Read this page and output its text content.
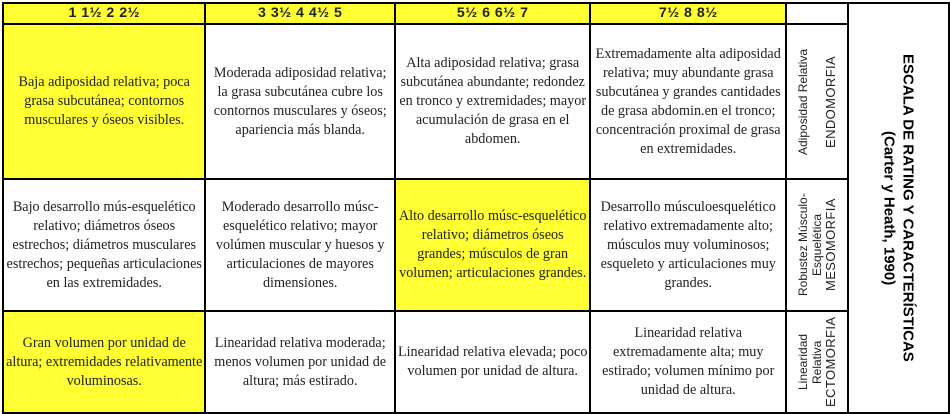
1 1½ 2 2½	3 3½ 4 4½ 5	5½ 6 6½ 7	7½ 8 8½		ESCALA DE RATING Y CARACTERÍSTICAS
(Carter y Heath, 1990)

Baja adiposidad relativa; poca grasa subcutánea; contornos musculares y óseos visibles.	Moderada adiposidad relativa; la grasa subcutánea cubre los contornos musculares y óseos; apariencia más blanda.	Alta adiposidad relativa; grasa subcutánea abundante; redondez en tronco y extremidades; mayor acumulación de grasa en el abdomen.	Extremadamente alta adiposidad relativa; muy abundante grasa subcutánea y grandes cantidades de grasa abdomin.en el tronco; concentración proximal de grasa en extremidades.	ENDOMORFIA
Adiposidad Relativa	

Bajo desarrollo mús-esquelético relativo; diámetros óseos estrechos; diámetros musculares estrechos; pequeñas articulaciones en las extremidades.	Moderado desarrollo músc-esquelético relativo; mayor volúmen muscular y huesos y articulaciones de mayores dimensiones.	Alto desarrollo músc-esquelético relativo; diámetros óseos grandes; músculos de gran volumen; articulaciones grandes.	Desarrollo músculoesquelético relativo extremadamente alto; músculos muy voluminosos; esqueleto y articulaciones muy grandes.	MESOMORFIA
Robustez Músculo-Esquelética	

Gran volumen por unidad de altura; extremidades relativamente voluminosas.	Linearidad relativa moderada; menos volumen por unidad de altura; más estirado.	Linearidad relativa elevada; poco volumen por unidad de altura.	Linearidad relativa extremadamente alta; muy estirado; volumen mínimo por unidad de altura.	ECTOMORFIA
Linearidad Relativa	
